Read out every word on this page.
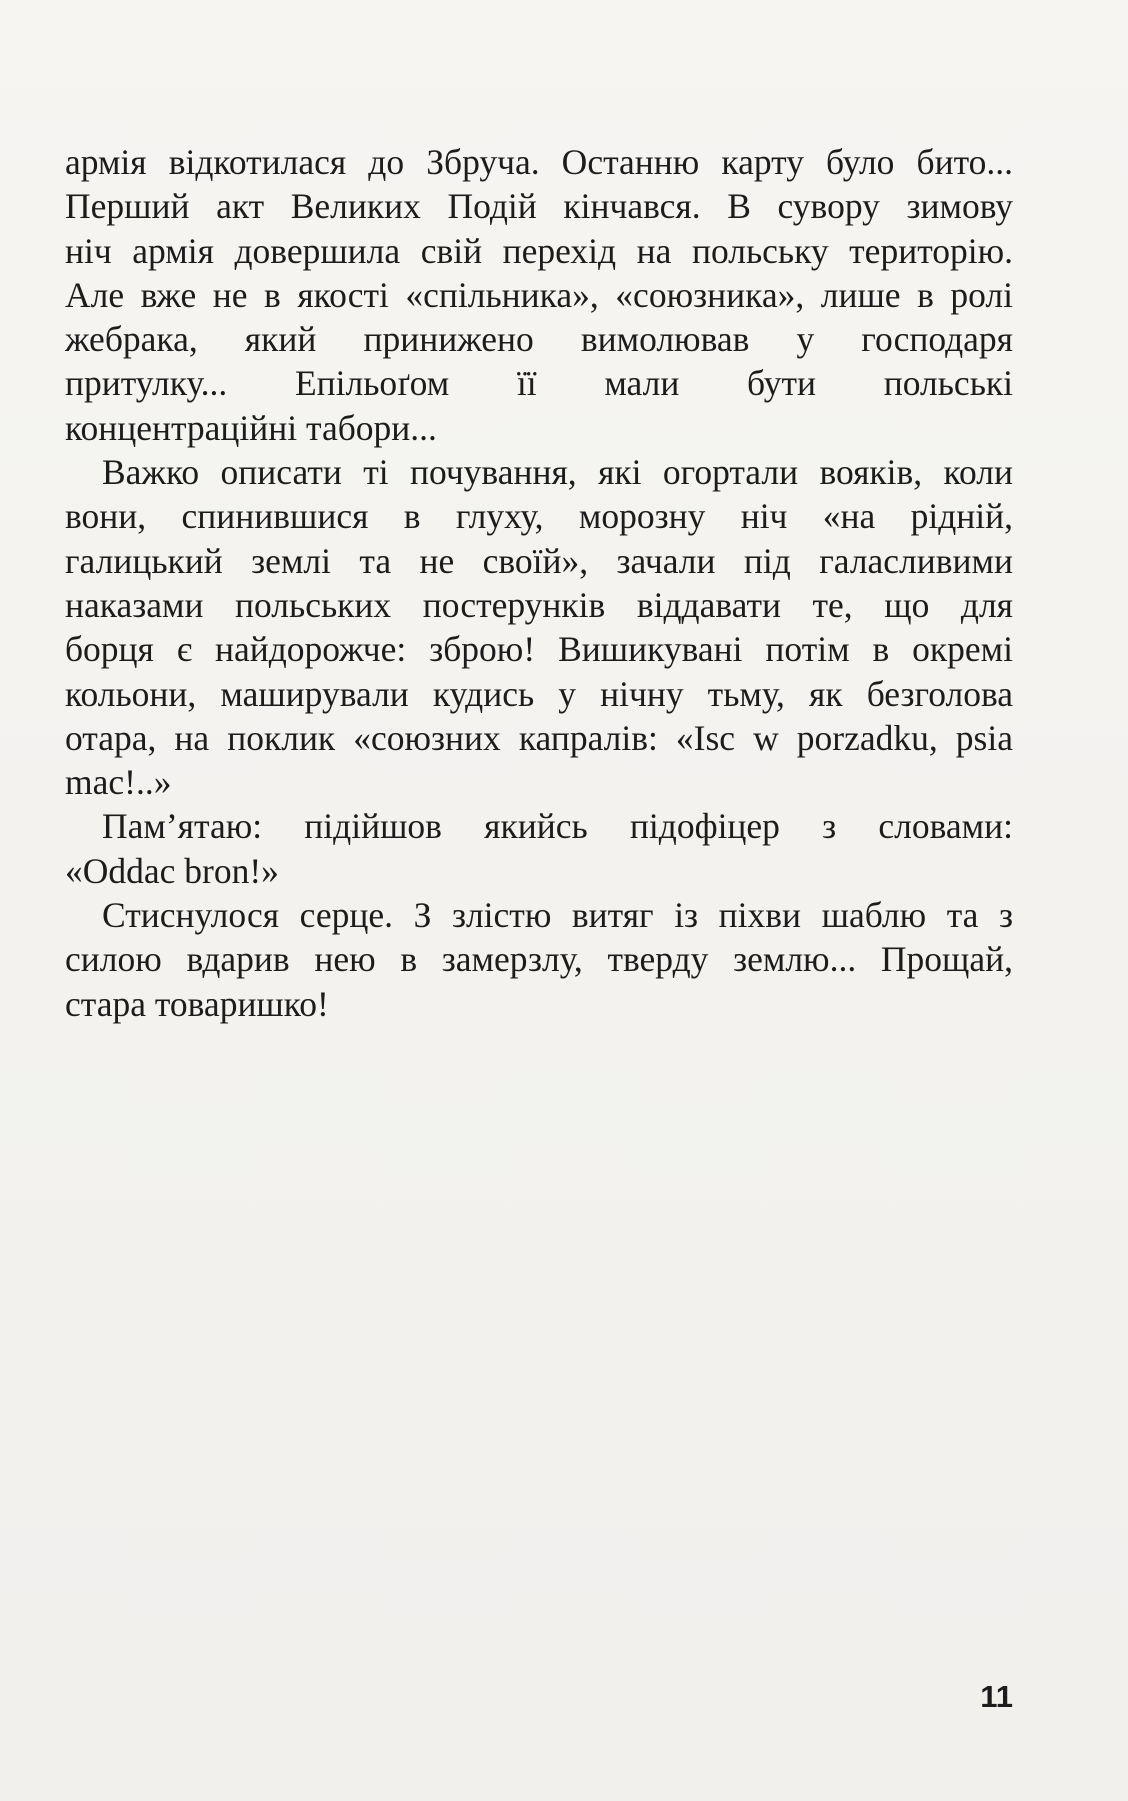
армія відкотилася до Збруча. Останню карту було бито...
Перший акт Великих Подій кінчався. В сувору зимову
ніч армія довершила свій перехід на польську територію.
Але вже не в якості «спільника», «союзника», лише в ролі
жебрака, який принижено вимолював у господаря
притулку... Епільоґом її мали бути польські
концентраційні табори...

Важко описати ті почування, які огортали вояків, коли
вони, спинившися в глуху, морозну ніч «на рідній,
галицький землі та не своїй», зачали під галасливими
наказами польських постерунків віддавати те, що для
борця є найдорожче: зброю! Вишикувані потім в окремі
кольони, маширували кудись у нічну тьму, як безголова
отара, на поклик «союзних капралів: «Isc w porzadku, psia
mac!..»

Пам’ятаю: підійшов якийсь підофіцер з словами:
«Oddac bron!»

Стиснулося серце. З злістю витяг із піхви шаблю та з
силою вдарив нею в замерзлу, тверду землю... Прощай,
стара товаришко!

11
